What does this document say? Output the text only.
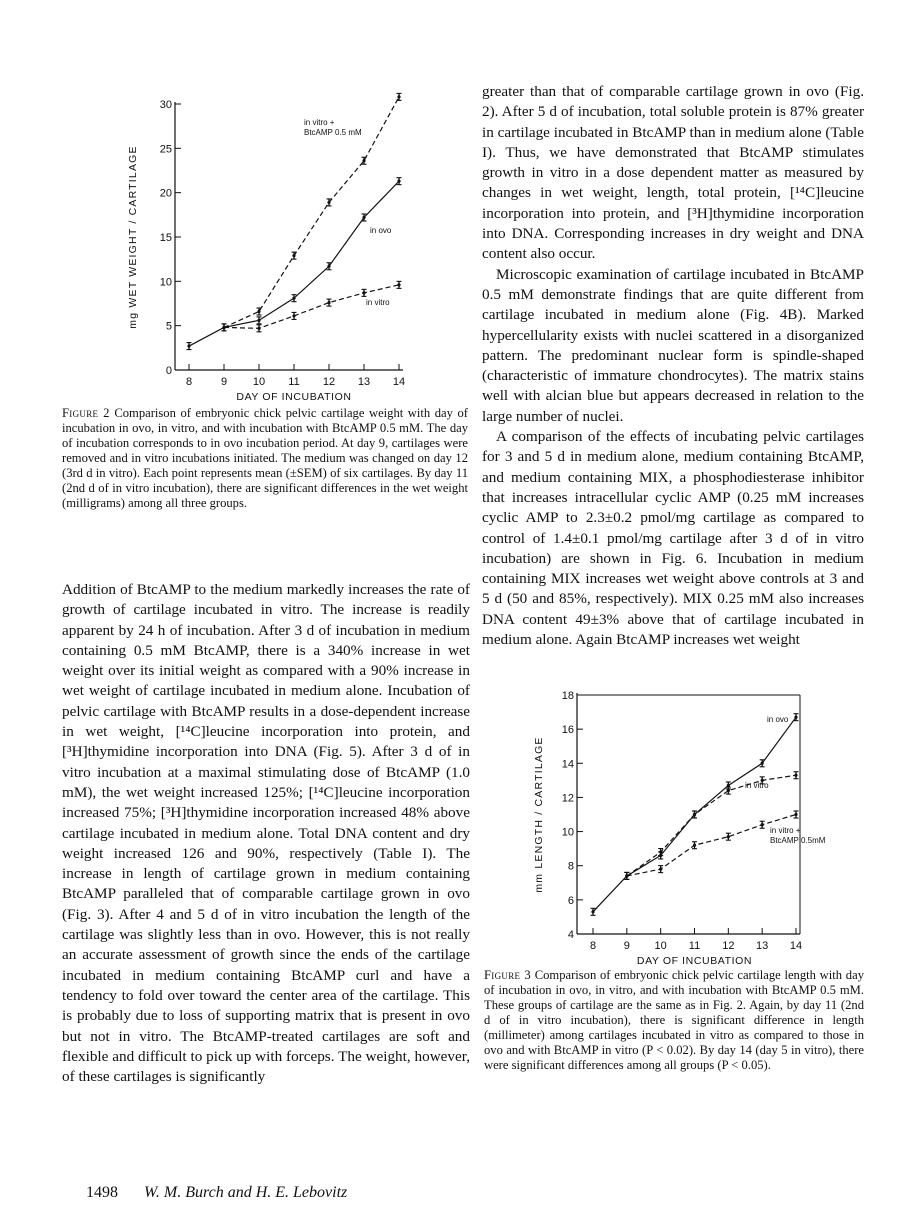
0
5
10
15
20
25
30
8	9 10 11 12 13 14
DAY OF INCUBATION
mg WET WEIGHT / CARTILAGE	in ovo
in vitro
in vitro +
BtcAMP 0.5 mM
Figure 2 Comparison of embryonic chick pelvic cartilage weight with day of incubation in ovo, in vitro, and with incubation with BtcAMP 0.5 mM. The day of incubation corresponds to in ovo incubation period. At day 9, cartilages were removed and in vitro incubations initiated. The medium was changed on day 12 (3rd d in vitro). Each point represents mean (±SEM) of six cartilages. By day 11 (2nd d of in vitro incubation), there are significant differences in the wet weight (milligrams) among all three groups.

Addition of BtcAMP to the medium markedly increases the rate of growth of cartilage incubated in vitro. The increase is readily apparent by 24 h of incubation. After 3 d of incubation in medium containing 0.5 mM BtcAMP, there is a 340% increase in wet weight over its initial weight as compared with a 90% increase in wet weight of cartilage incubated in medium alone. Incubation of pelvic cartilage with BtcAMP results in a dose-dependent increase in wet weight, [¹⁴C]leucine incorporation into protein, and [³H]thymidine incorporation into DNA (Fig. 5). After 3 d of in vitro incubation at a maximal stimulating dose of BtcAMP (1.0 mM), the wet weight increased 125%; [¹⁴C]leucine incorporation increased 75%; [³H]thymidine incorporation increased 48% above cartilage incubated in medium alone. Total DNA content and dry weight increased 126 and 90%, respectively (Table I). The increase in length of cartilage grown in medium containing BtcAMP paralleled that of comparable cartilage grown in ovo (Fig. 3). After 4 and 5 d of in vitro incubation the length of the cartilage was slightly less than in ovo. However, this is not really an accurate assessment of growth since the ends of the cartilage incubated in medium containing BtcAMP curl and have a tendency to fold over toward the center area of the cartilage. This is probably due to loss of supporting matrix that is present in ovo but not in vitro. The BtcAMP-treated cartilages are soft and flexible and difficult to pick up with forceps. The weight, however, of these cartilages is significantly

greater than that of comparable cartilage grown in ovo (Fig. 2). After 5 d of incubation, total soluble protein is 87% greater in cartilage incubated in BtcAMP than in medium alone (Table I). Thus, we have demonstrated that BtcAMP stimulates growth in vitro in a dose dependent matter as measured by changes in wet weight, length, total protein, [¹⁴C]leucine incorporation into protein, and [³H]thymidine incorporation into DNA. Corresponding increases in dry weight and DNA content also occur.

Microscopic examination of cartilage incubated in BtcAMP 0.5 mM demonstrate findings that are quite different from cartilage incubated in medium alone (Fig. 4B). Marked hypercellularity exists with nuclei scattered in a disorganized pattern. The predominant nuclear form is spindle-shaped (characteristic of immature chondrocytes). The matrix stains well with alcian blue but appears decreased in relation to the large number of nuclei.

A comparison of the effects of incubating pelvic cartilages for 3 and 5 d in medium alone, medium containing BtcAMP, and medium containing MIX, a phosphodiesterase inhibitor that increases intracellular cyclic AMP (0.25 mM increases cyclic AMP to 2.3±0.2 pmol/mg cartilage as compared to control of 1.4±0.1 pmol/mg cartilage after 3 d of in vitro incubation) are shown in Fig. 6. Incubation in medium containing MIX increases wet weight above controls at 3 and 5 d (50 and 85%, respectively). MIX 0.25 mM also increases DNA content 49±3% above that of cartilage incubated in medium alone. Again BtcAMP increases wet weight

4
6
8
10
12
14
16
18
8	9 10 11 12 13 14
DAY OF INCUBATION
mm LENGTH / CARTILAGE
in ovo
in vitro +
BtcAMP 0.5mM
in vitro
Figure 3 Comparison of embryonic chick pelvic cartilage length with day of incubation in ovo, in vitro, and with incubation with BtcAMP 0.5 mM. These groups of cartilage are the same as in Fig. 2. Again, by day 11 (2nd d of in vitro incubation), there is significant difference in length (millimeter) among cartilages incubated in vitro as compared to those in ovo and with BtcAMP in vitro (P < 0.02). By day 14 (day 5 in vitro), there were significant differences among all groups (P < 0.05).
1498 W. M. Burch and H. E. Lebovitz
